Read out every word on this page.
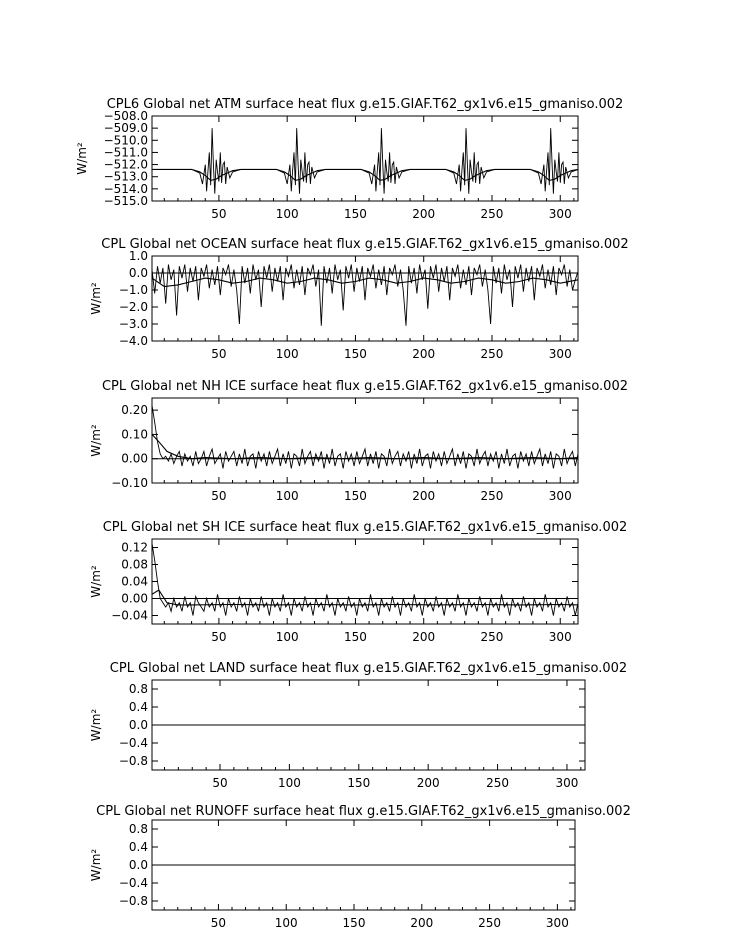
CPL6 Global net ATM surface heat flux g.e15.GIAF.T62_gx1v6.e15_gmaniso.002
50	100	150	200	250	300
−508.0
−509.0
−510.0
−511.0
−512.0
−513.0
−514.0
−515.0
W/m²
CPL Global net OCEAN surface heat flux g.e15.GIAF.T62_gx1v6.e15_gmaniso.002
50	100	150	200	250	300
1.0
0.0
−1.0
−2.0
−3.0
−4.0
W/m²
CPL Global net NH ICE surface heat flux g.e15.GIAF.T62_gx1v6.e15_gmaniso.002
50	100	150	200	250	300
0.20
0.10
0.00
−0.10
W/m²
CPL Global net SH ICE surface heat flux g.e15.GIAF.T62_gx1v6.e15_gmaniso.002
50	100	150	200	250	300
0.12
0.08
0.04
0.00
−0.04
W/m²
CPL Global net LAND surface heat flux g.e15.GIAF.T62_gx1v6.e15_gmaniso.002
50	100	150	200	250	300
0.8
0.4
0.0
−0.4
−0.8
W/m²
CPL Global net RUNOFF surface heat flux g.e15.GIAF.T62_gx1v6.e15_gmaniso.002
50	100	150	200	250	300
0.8
0.4
0.0
−0.4
−0.8
W/m²
